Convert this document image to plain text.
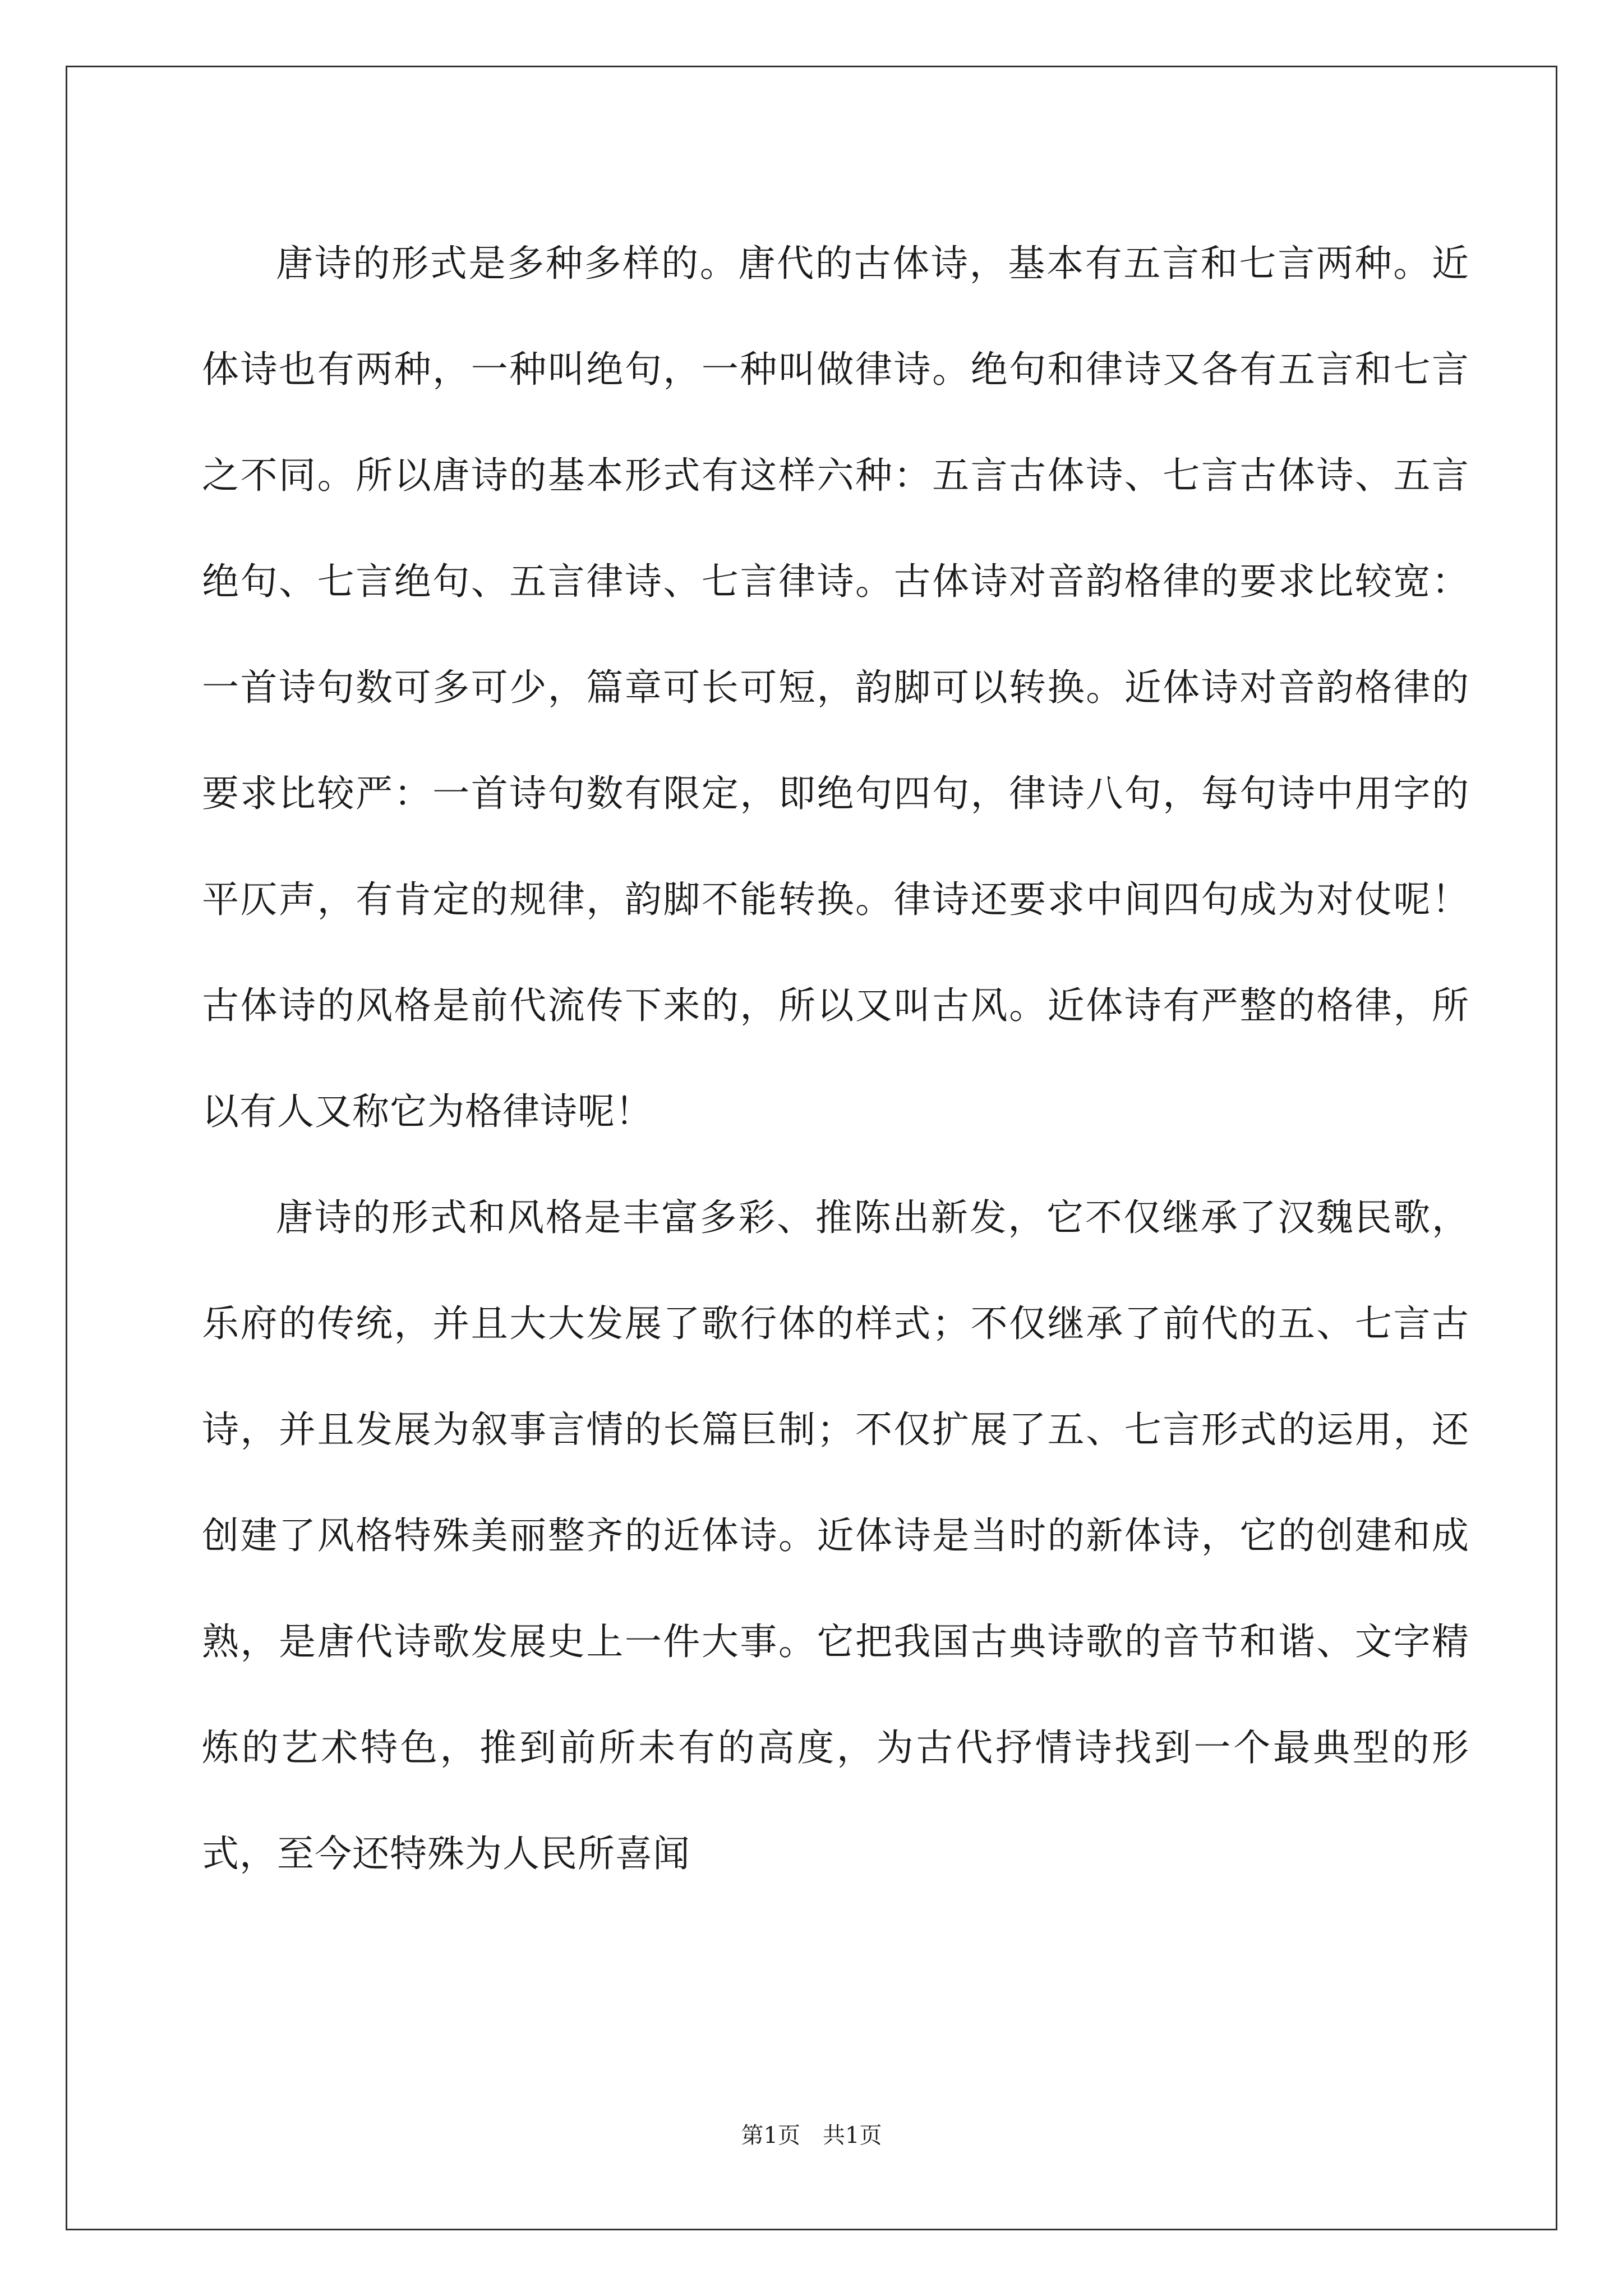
唐诗的形式是多种多样的。唐代的古体诗，基本有五言和七言两种。近体诗也有两种，一种叫绝句，一种叫做律诗。绝句和律诗又各有五言和七言之不同。所以唐诗的基本形式有这样六种：五言古体诗、七言古体诗、五言绝句、七言绝句、五言律诗、七言律诗。古体诗对音韵格律的要求比较宽：一首诗句数可多可少，篇章可长可短，韵脚可以转换。近体诗对音韵格律的要求比较严：一首诗句数有限定，即绝句四句，律诗八句，每句诗中用字的平仄声，有肯定的规律，韵脚不能转换。律诗还要求中间四句成为对仗呢！古体诗的风格是前代流传下来的，所以又叫古风。近体诗有严整的格律，所以有人又称它为格律诗呢！

唐诗的形式和风格是丰富多彩、推陈出新发，它不仅继承了汉魏民歌，乐府的传统，并且大大发展了歌行体的样式；不仅继承了前代的五、七言古诗，并且发展为叙事言情的长篇巨制；不仅扩展了五、七言形式的运用，还创建了风格特殊美丽整齐的近体诗。近体诗是当时的新体诗，它的创建和成熟，是唐代诗歌发展史上一件大事。它把我国古典诗歌的音节和谐、文字精炼的艺术特色，推到前所未有的高度，为古代抒情诗找到一个最典型的形式，至今还特殊为人民所喜闻

第1页　共1页
